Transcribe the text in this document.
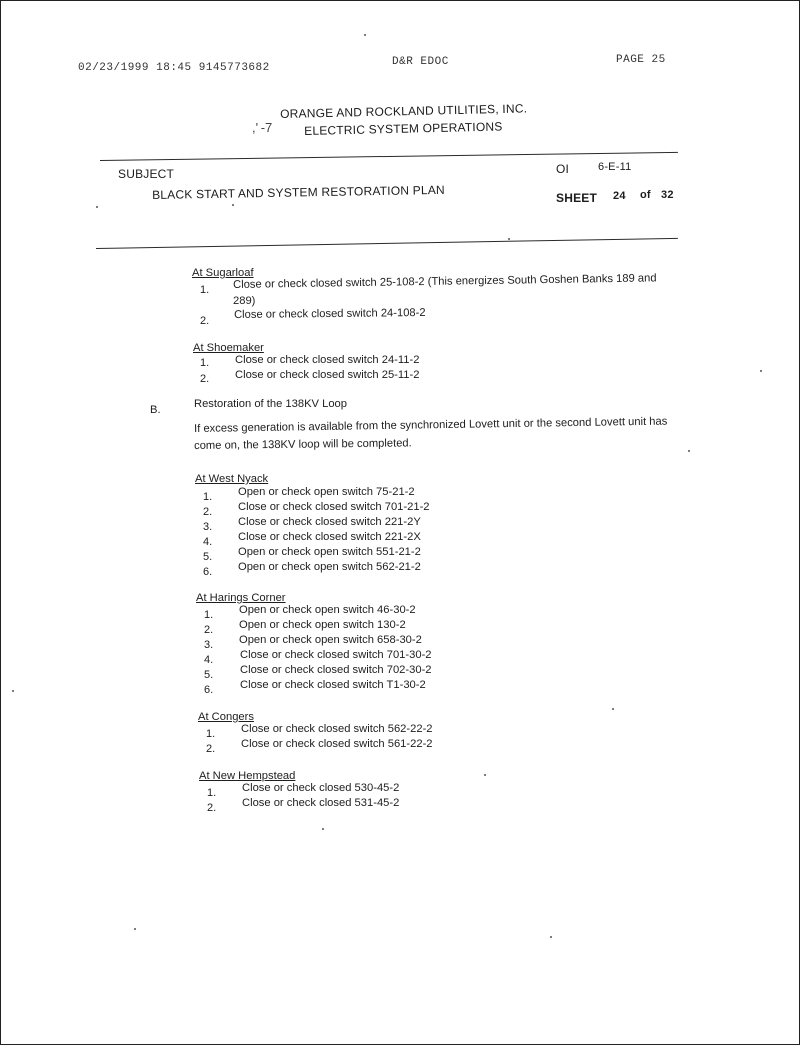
02/23/1999 18:45 9145773682	D&R EDOC	PAGE 25
,' -7
ORANGE AND ROCKLAND UTILITIES, INC.
ELECTRIC SYSTEM OPERATIONS
SUBJECT	OI	6-E-11
BLACK START AND SYSTEM RESTORATION PLAN	SHEET 24 of 32
At Sugarloaf
1. Close or check closed switch 25-108-2 (This energizes South Goshen Banks 189 and
289)
2.
Close or check closed switch 24-108-2
At Shoemaker
1. Close or check closed switch 24-11-2
2. Close or check closed switch 25-11-2
B.	Restoration of the 138KV Loop
If excess generation is available from the synchronized Lovett unit or the second Lovett unit has
come on, the 138KV loop will be completed.
At West Nyack
1. Open or check open switch 75-21-2
2. Close or check closed switch 701-21-2
3. Close or check closed switch 221-2Y
4. Close or check closed switch 221-2X
5. Open or check open switch 551-21-2
6. Open or check open switch 562-21-2
At Harings Corner
1. Open or check open switch 46-30-2
2. Open or check open switch 130-2
3. Open or check open switch 658-30-2
4. Close or check closed switch 701-30-2
5. Close or check closed switch 702-30-2
6. Close or check closed switch T1-30-2
At Congers
1. Close or check closed switch 562-22-2
2. Close or check closed switch 561-22-2
At New Hempstead
1. Close or check closed 530-45-2
2. Close or check closed 531-45-2
